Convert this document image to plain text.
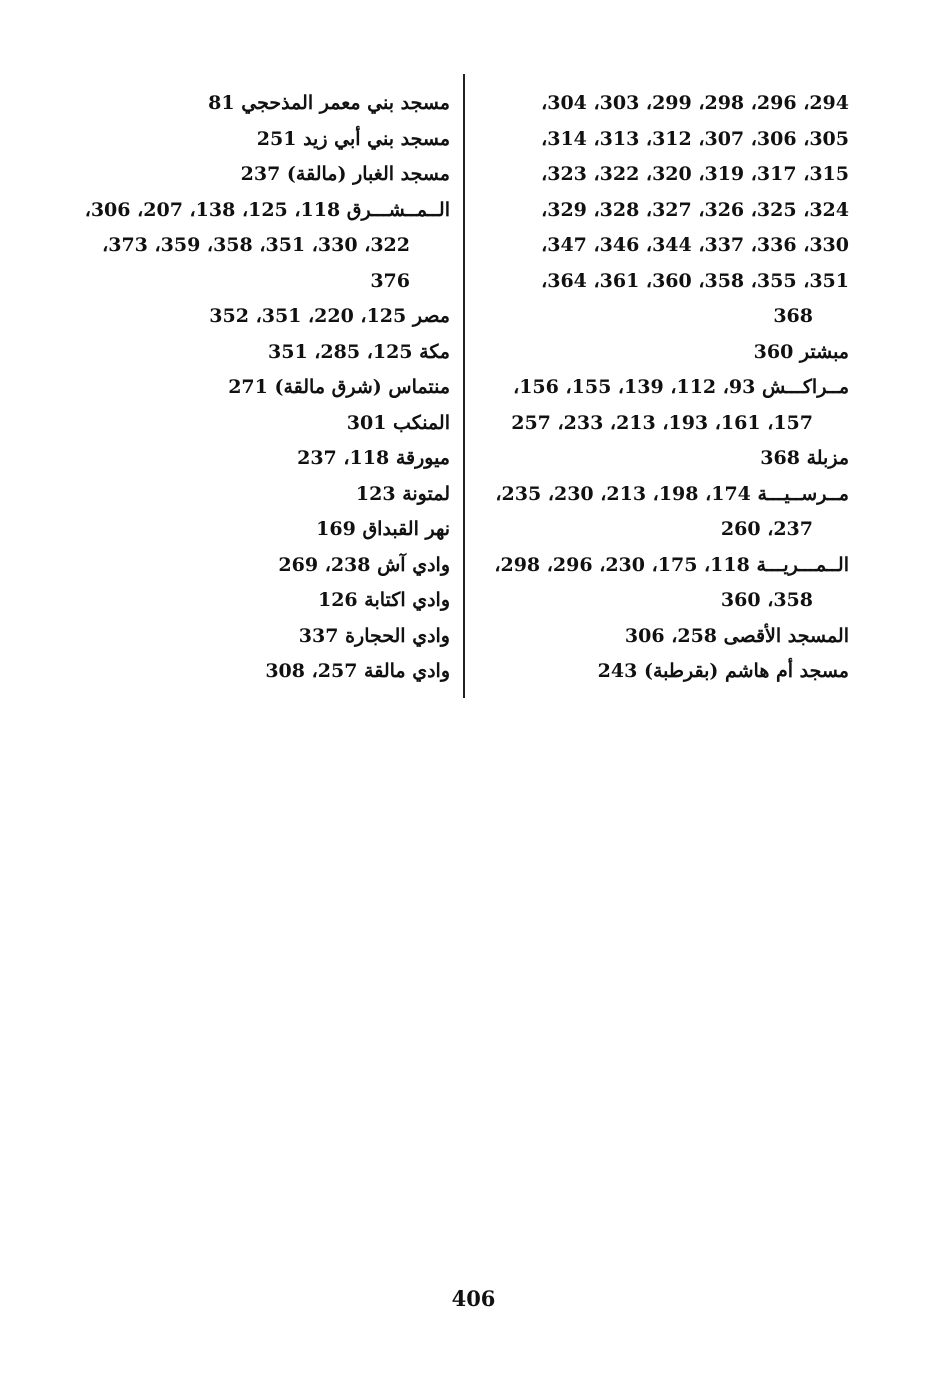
294، 296، 298، 299، 303، 304،
305، 306، 307، 312، 313، 314،
315، 317، 319، 320، 322، 323،
324، 325، 326، 327، 328، 329،
330، 336، 337، 344، 346، 347،
351، 355، 358، 360، 361، 364،
368
مبشتر 360
مــراكـــش 93، 112، 139، 155، 156،
157، 161، 193، 213، 233، 257
مزبلة 368
مــرســيـــة 174، 198، 213، 230، 235،
237، 260
الــمـــريـــة 118، 175، 230، 296، 298،
358، 360
المسجد الأقصى 258، 306
مسجد أم هاشم (بقرطبة) 243
مسجد بني معمر المذحجي 81
مسجد بني أبي زيد 251
مسجد الغبار (مالقة) 237
الــمــشـــرق 118، 125، 138، 207، 306،
322، 330، 351، 358، 359، 373،
376
مصر 125، 220، 351، 352
مكة 125، 285، 351
منتماس (شرق مالقة) 271
المنكب 301
ميورقة 118، 237
لمتونة 123
نهر القبداق 169
وادي آش 238، 269
وادي اكتابة 126
وادي الحجارة 337
وادي مالقة 257، 308
406
